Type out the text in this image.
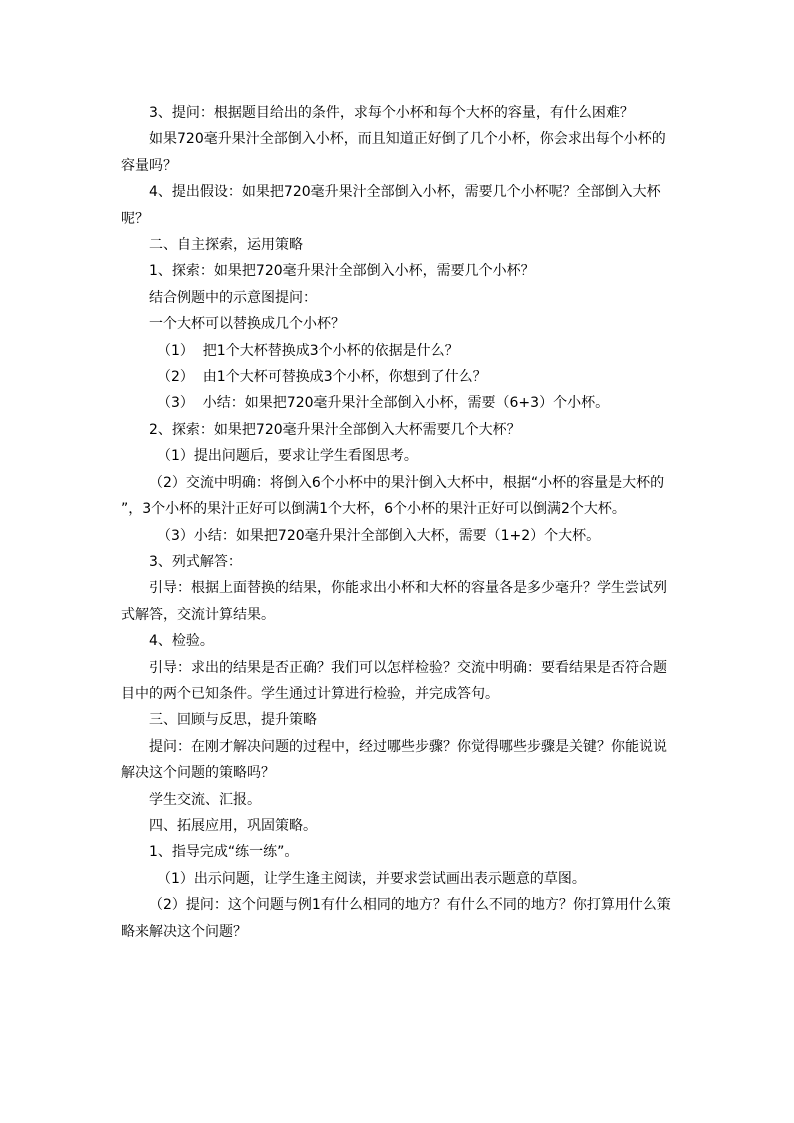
3、提问：根据题目给出的条件，求每个小杯和每个大杯的容量，有什么困难？

如果720毫升果汁全部倒入小杯，而且知道正好倒了几个小杯，你会求出每个小杯的容量吗？

4、提出假设：如果把720毫升果汁全部倒入小杯，需要几个小杯呢？全部倒入大杯呢？

二、自主探索，运用策略

1、探索：如果把720毫升果汁全部倒入小杯，需要几个小杯？

结合例题中的示意图提问：

一个大杯可以替换成几个小杯？

（1）  把1个大杯替换成3个小杯的依据是什么？

（2）  由1个大杯可替换成3个小杯，你想到了什么？

（3）  小结：如果把720毫升果汁全部倒入小杯，需要（6+3）个小杯。

2、探索：如果把720毫升果汁全部倒入大杯需要几个大杯？

（1）提出问题后，要求让学生看图思考。

（2）交流中明确：将倒入6个小杯中的果汁倒入大杯中，根据“小杯的容量是大杯的  ”，3个小杯的果汁正好可以倒满1个大杯，6个小杯的果汁正好可以倒满2个大杯。

（3）小结：如果把720毫升果汁全部倒入大杯，需要（1+2）个大杯。

3、列式解答：

引导：根据上面替换的结果，你能求出小杯和大杯的容量各是多少毫升？学生尝试列式解答，交流计算结果。

4、检验。

引导：求出的结果是否正确？我们可以怎样检验？交流中明确：要看结果是否符合题目中的两个已知条件。学生通过计算进行检验，并完成答句。

三、回顾与反思，提升策略

提问：在刚才解决问题的过程中，经过哪些步骤？你觉得哪些步骤是关键？你能说说解决这个问题的策略吗？

学生交流、汇报。

四、拓展应用，巩固策略。

1、指导完成“练一练”。

（1）出示问题，让学生逢主阅读，并要求尝试画出表示题意的草图。

（2）提问：这个问题与例1有什么相同的地方？有什么不同的地方？你打算用什么策略来解决这个问题？
